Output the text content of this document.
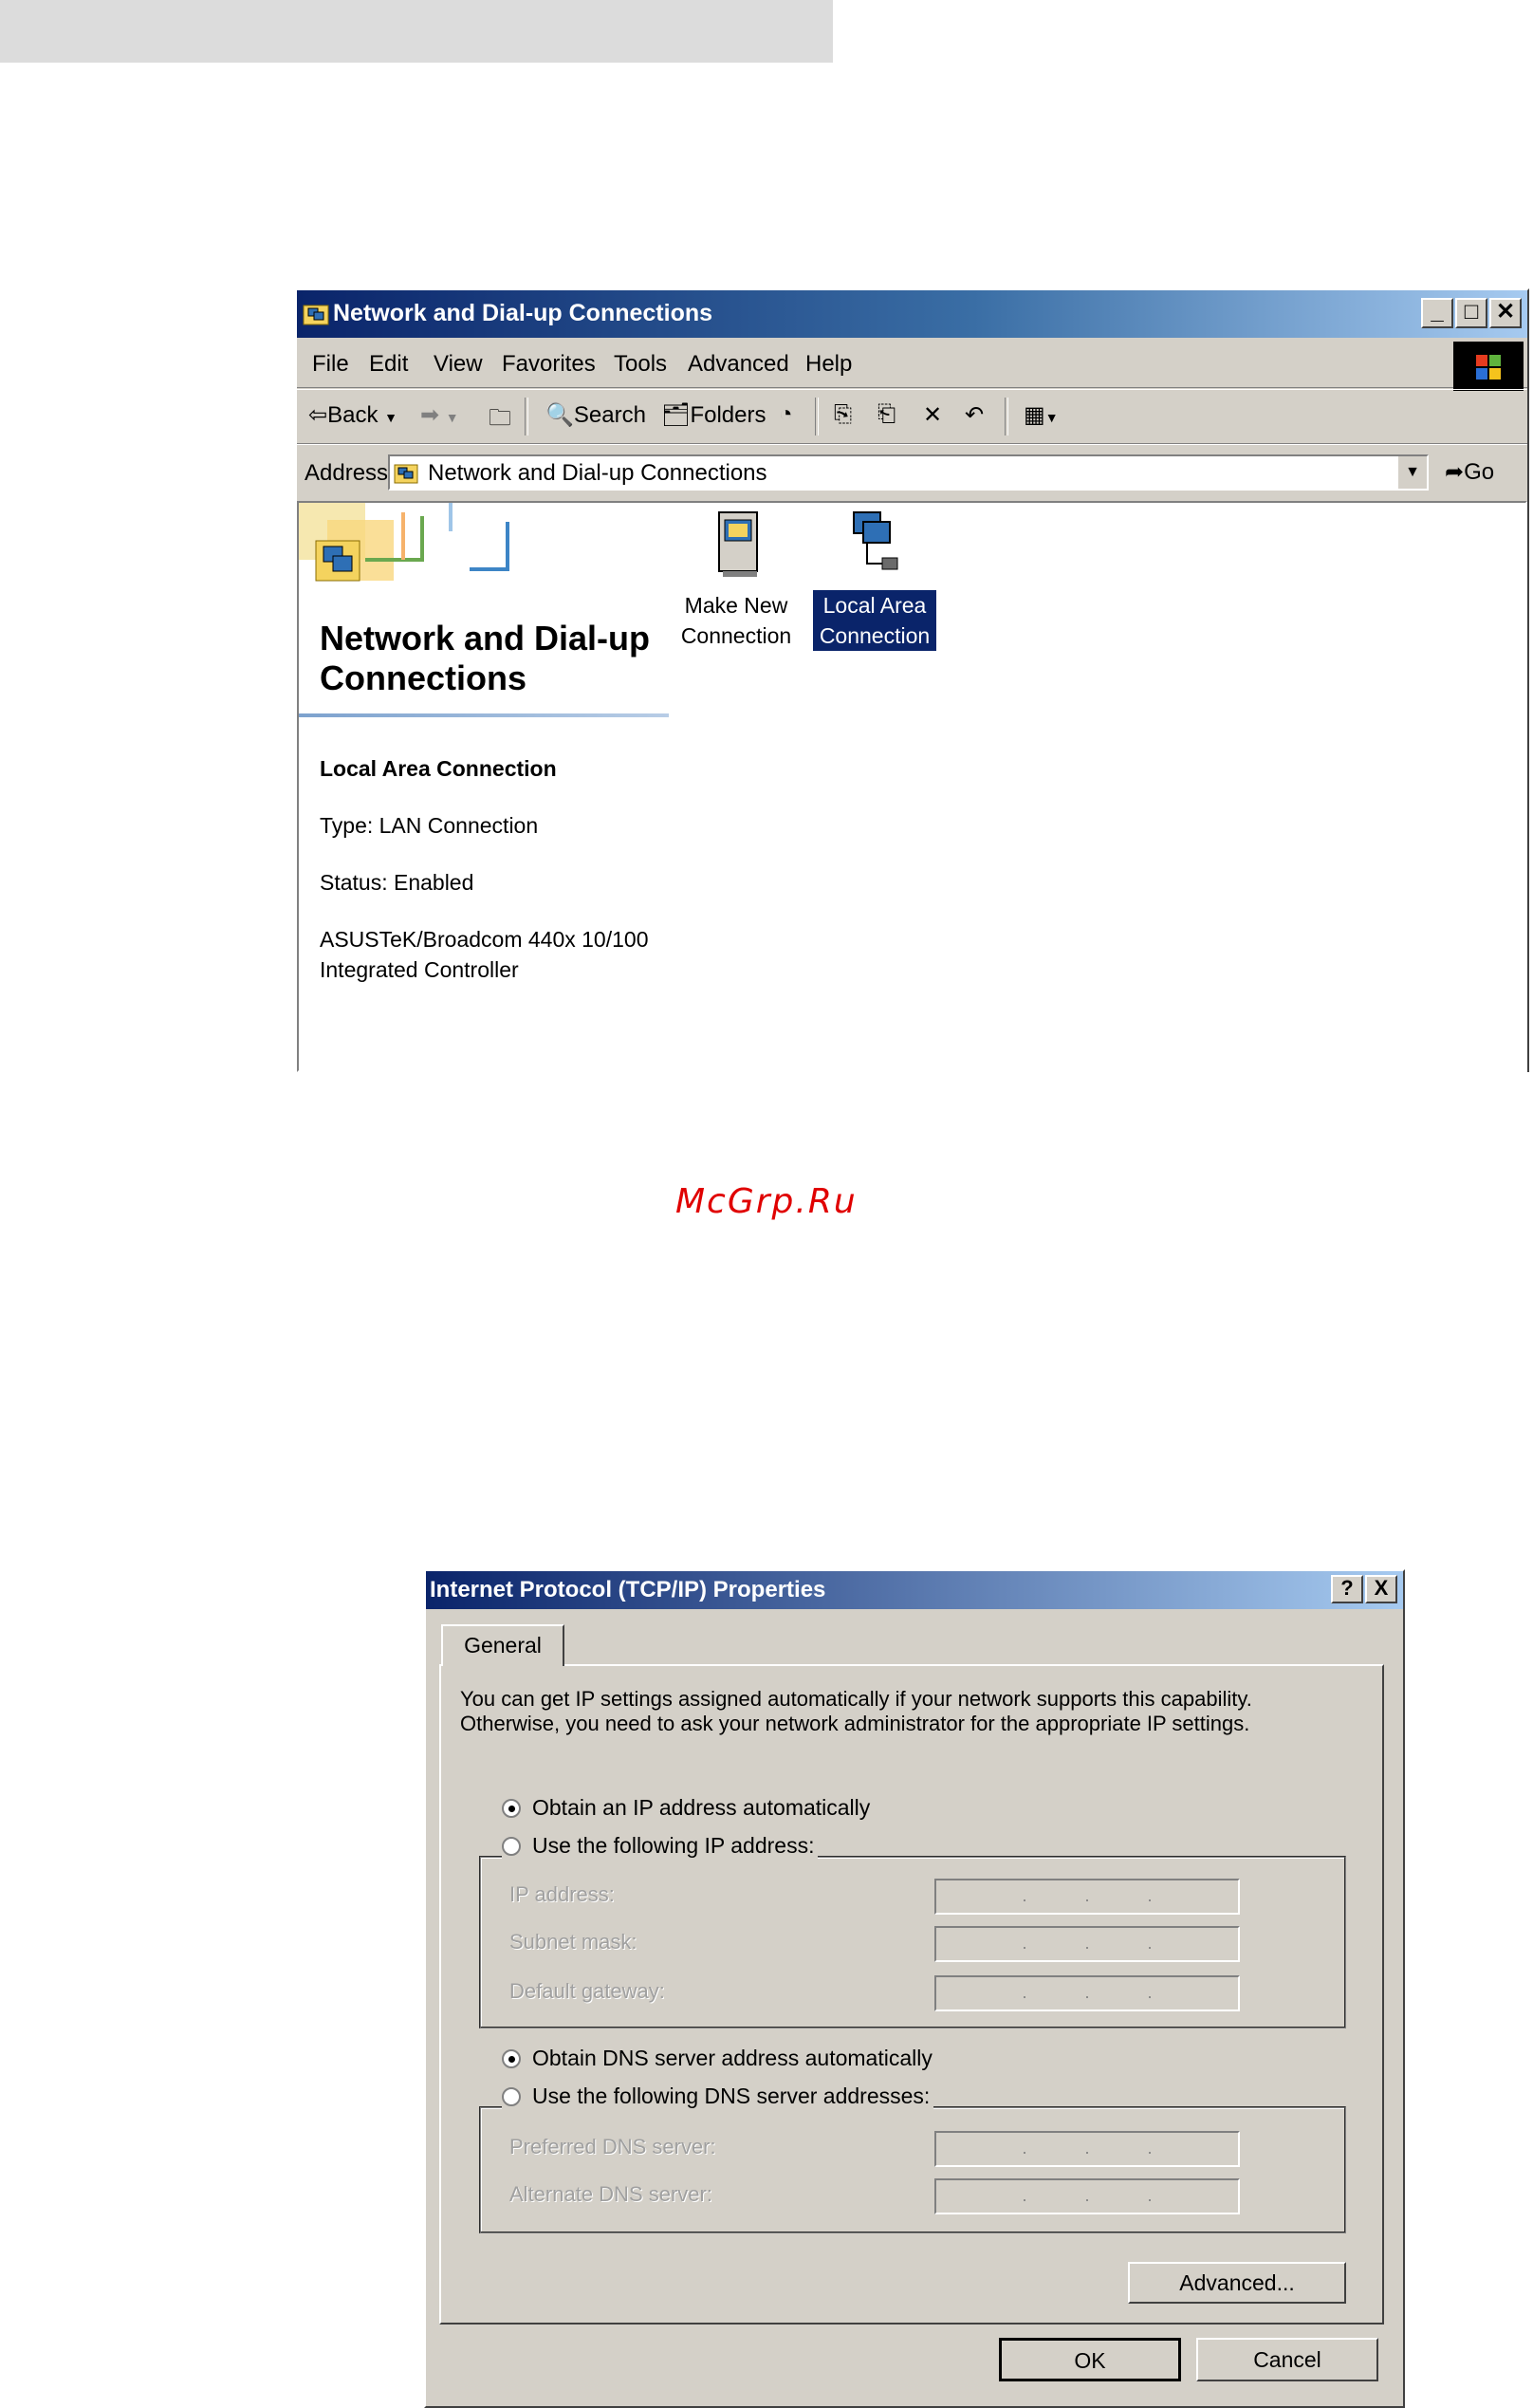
Network and Dial-up Connections	_ □ ✕
File Edit View Favorites Tools Advanced Help
⇦Back ▼ ➡ ▼ 🗀 🔍Search 🗂Folders ◔ ⎘ ⎗ ✕ ↶ ▦▼
Address Network and Dial-up Connections	▼ ➦Go
Network and Dial-up
Connections
Local Area Connection
Type: LAN Connection
Status: Enabled
ASUSTeK/Broadcom 440x 10/100
Integrated Controller
Make New
Connection
Local Area
Connection
McGrp.Ru
Internet Protocol (TCP/IP) Properties	? X
General
You can get IP settings assigned automatically if your network supports this capability. Otherwise, you need to ask your network administrator for the appropriate IP settings.
Obtain an IP address automatically
Use the following IP address:
IP address:	.	.	.
Subnet mask:	.	.	.
Default gateway:	.	.	.
Obtain DNS server address automatically
Use the following DNS server addresses:
Preferred DNS server:	.	.	.
Alternate DNS server:	.	.	.
Advanced...
OK	Cancel
